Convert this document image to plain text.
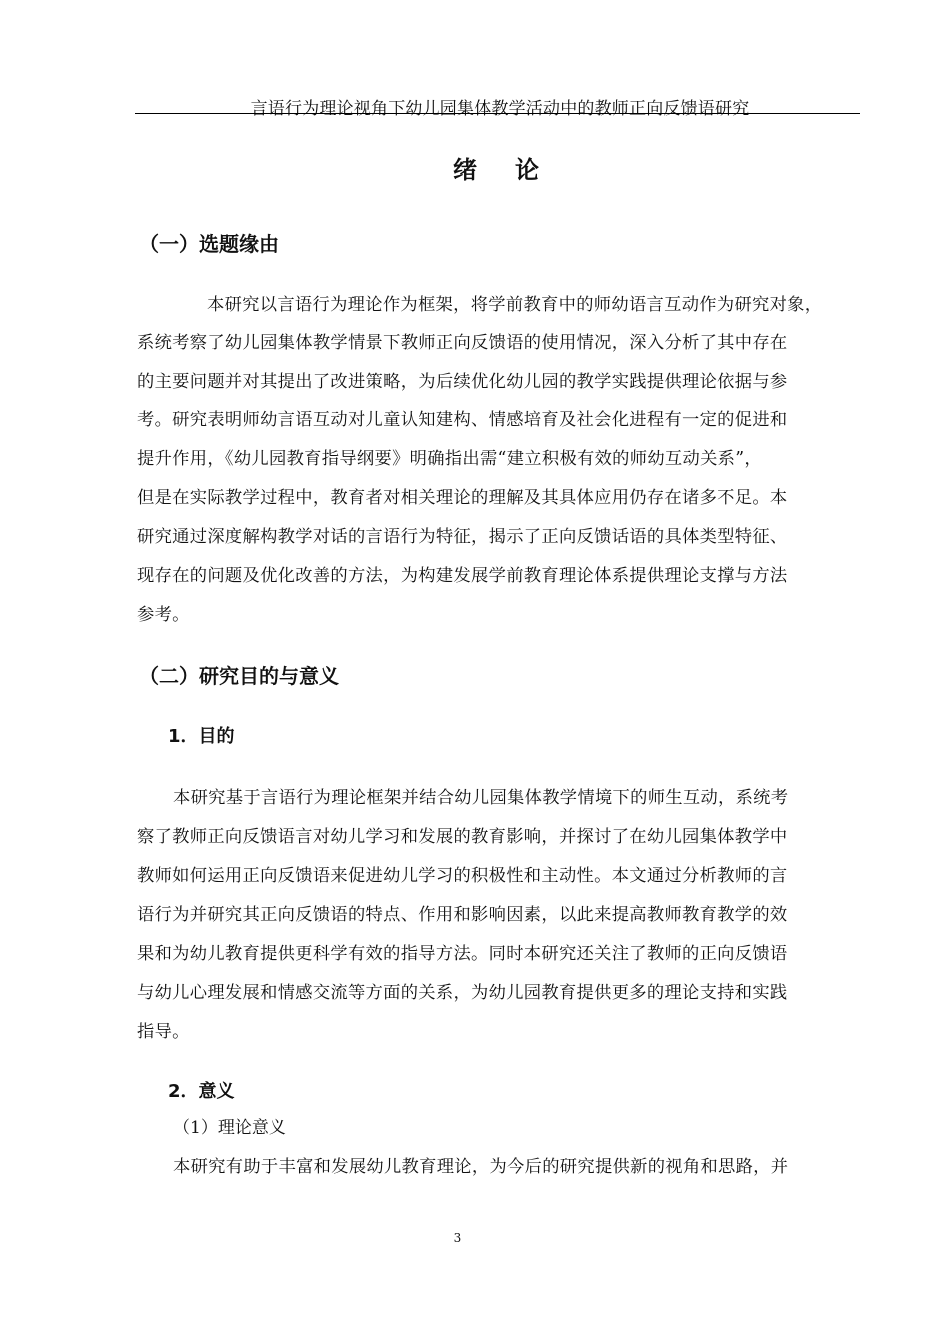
言语行为理论视角下幼儿园集体教学活动中的教师正向反馈语研究
绪论
（一）选题缘由
本研究以言语行为理论作为框架，将学前教育中的师幼语言互动作为研究对象，
系统考察了幼儿园集体教学情景下教师正向反馈语的使用情况，深入分析了其中存在
的主要问题并对其提出了改进策略，为后续优化幼儿园的教学实践提供理论依据与参
考。研究表明师幼言语互动对儿童认知建构、情感培育及社会化进程有一定的促进和
提升作用，《幼儿园教育指导纲要》明确指出需“建立积极有效的师幼互动关系”，
但是在实际教学过程中，教育者对相关理论的理解及其具体应用仍存在诸多不足。本
研究通过深度解构教学对话的言语行为特征，揭示了正向反馈话语的具体类型特征、
现存在的问题及优化改善的方法，为构建发展学前教育理论体系提供理论支撑与方法
参考。
（二）研究目的与意义
1．目的
本研究基于言语行为理论框架并结合幼儿园集体教学情境下的师生互动，系统考
察了教师正向反馈语言对幼儿学习和发展的教育影响，并探讨了在幼儿园集体教学中
教师如何运用正向反馈语来促进幼儿学习的积极性和主动性。本文通过分析教师的言
语行为并研究其正向反馈语的特点、作用和影响因素，以此来提高教师教育教学的效
果和为幼儿教育提供更科学有效的指导方法。同时本研究还关注了教师的正向反馈语
与幼儿心理发展和情感交流等方面的关系，为幼儿园教育提供更多的理论支持和实践
指导。
2．意义
（1）理论意义
本研究有助于丰富和发展幼儿教育理论，为今后的研究提供新的视角和思路，并
3
